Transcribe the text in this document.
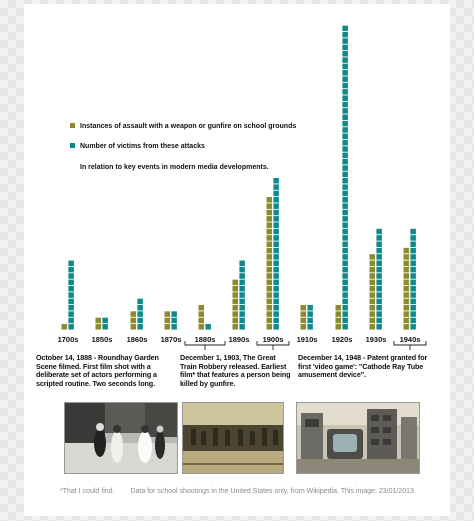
1700s 1850s 1860s 1870s 1880s 1890s 1900s 1910s 1920s 1930s 1940s
Instances of assault with a weapon or gunfire on school grounds
Number of victims from these attacks
In relation to key events in modern media developments.
October 14, 1888 - Roundhay Garden Scene filmed. First film shot with a deliberate set of actors performing a scripted routine. Two seconds long.
December 1, 1903, The Great Train Robbery released. Earliest film* that features a person being killed by gunfire.
December 14, 1948 - Patent granted for first 'video game': "Cathode Ray Tube amusement device".
*That I could find. Data for school shootings in the United States only, from Wikipedia. This image: 23/01/2013
